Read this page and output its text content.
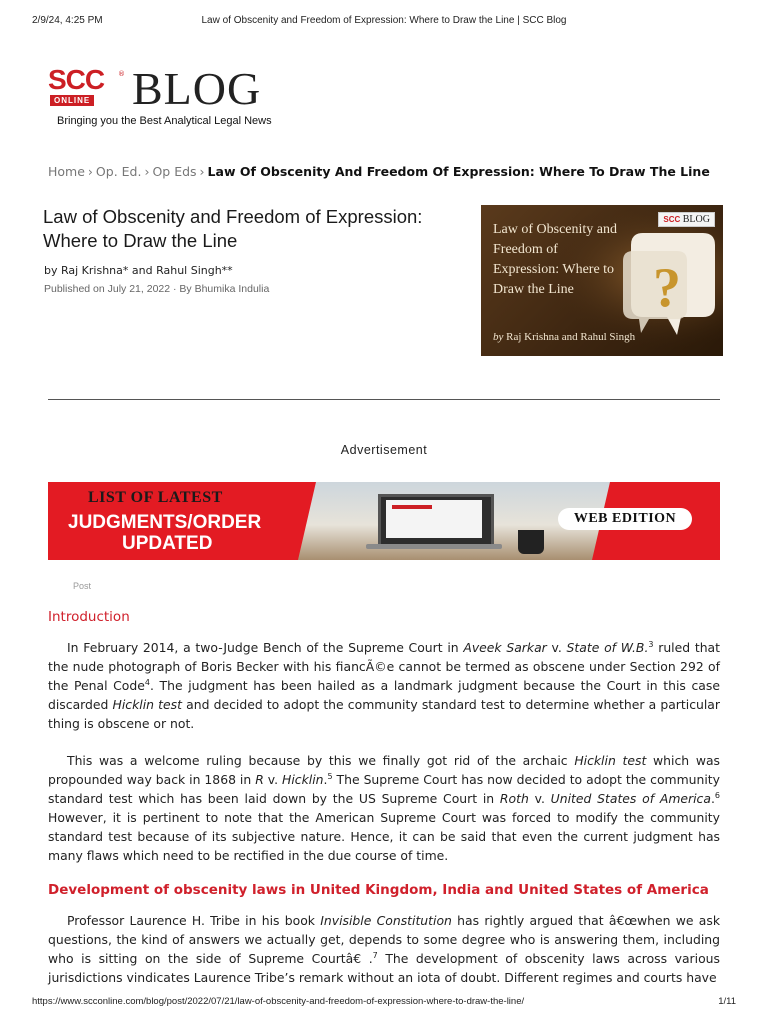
2/9/24, 4:25 PM	Law of Obscenity and Freedom of Expression: Where to Draw the Line | SCC Blog
SCC ®
ONLINE BLOG
Bringing you the Best Analytical Legal News
Home › Op. Ed. › Op Eds › Law Of Obscenity And Freedom Of Expression: Where To Draw The Line
Law of Obscenity and Freedom of Expression: Where to Draw the Line
by Raj Krishna* and Rahul Singh**
Published on July 21, 2022 · By Bhumika Indulia	?
SCC BLOG
Law of Obscenity and Freedom of Expression: Where to Draw the Line
by Raj Krishna and Rahul Singh
Advertisement
LIST OF LATEST
JUDGMENTS/ORDER
UPDATED
WEB EDITION
Post
Introduction

In February 2014, a two-Judge Bench of the Supreme Court in Aveek Sarkar v. State of W.B.$^3$ ruled that the nude photograph of Boris Becker with his fiancÃ©e cannot be termed as obscene under Section 292 of the Penal Code$^4$. The judgment has been hailed as a landmark judgment because the Court in this case discarded Hicklin test and decided to adopt the community standard test to determine whether a particular thing is obscene or not.

This was a welcome ruling because by this we finally got rid of the archaic Hicklin test which was propounded way back in 1868 in R v. Hicklin.$^5$ The Supreme Court has now decided to adopt the community standard test which has been laid down by the US Supreme Court in Roth v. United States of America.$^6$ However, it is pertinent to note that the American Supreme Court was forced to modify the community standard test because of its subjective nature. Hence, it can be said that even the current judgment has many flaws which need to be rectified in the due course of time.

Development of obscenity laws in United Kingdom, India and United States of America

Professor Laurence H. Tribe in his book Invisible Constitution has rightly argued that â€œwhen we ask questions, the kind of answers we actually get, depends to some degree who is answering them, including who is sitting on the side of Supreme Courtâ€ .$^7$ The development of obscenity laws across various jurisdictions vindicates Laurence Tribe’s remark without an iota of doubt. Different regimes and courts have

https://www.scconline.com/blog/post/2022/07/21/law-of-obscenity-and-freedom-of-expression-where-to-draw-the-line/	1/11
